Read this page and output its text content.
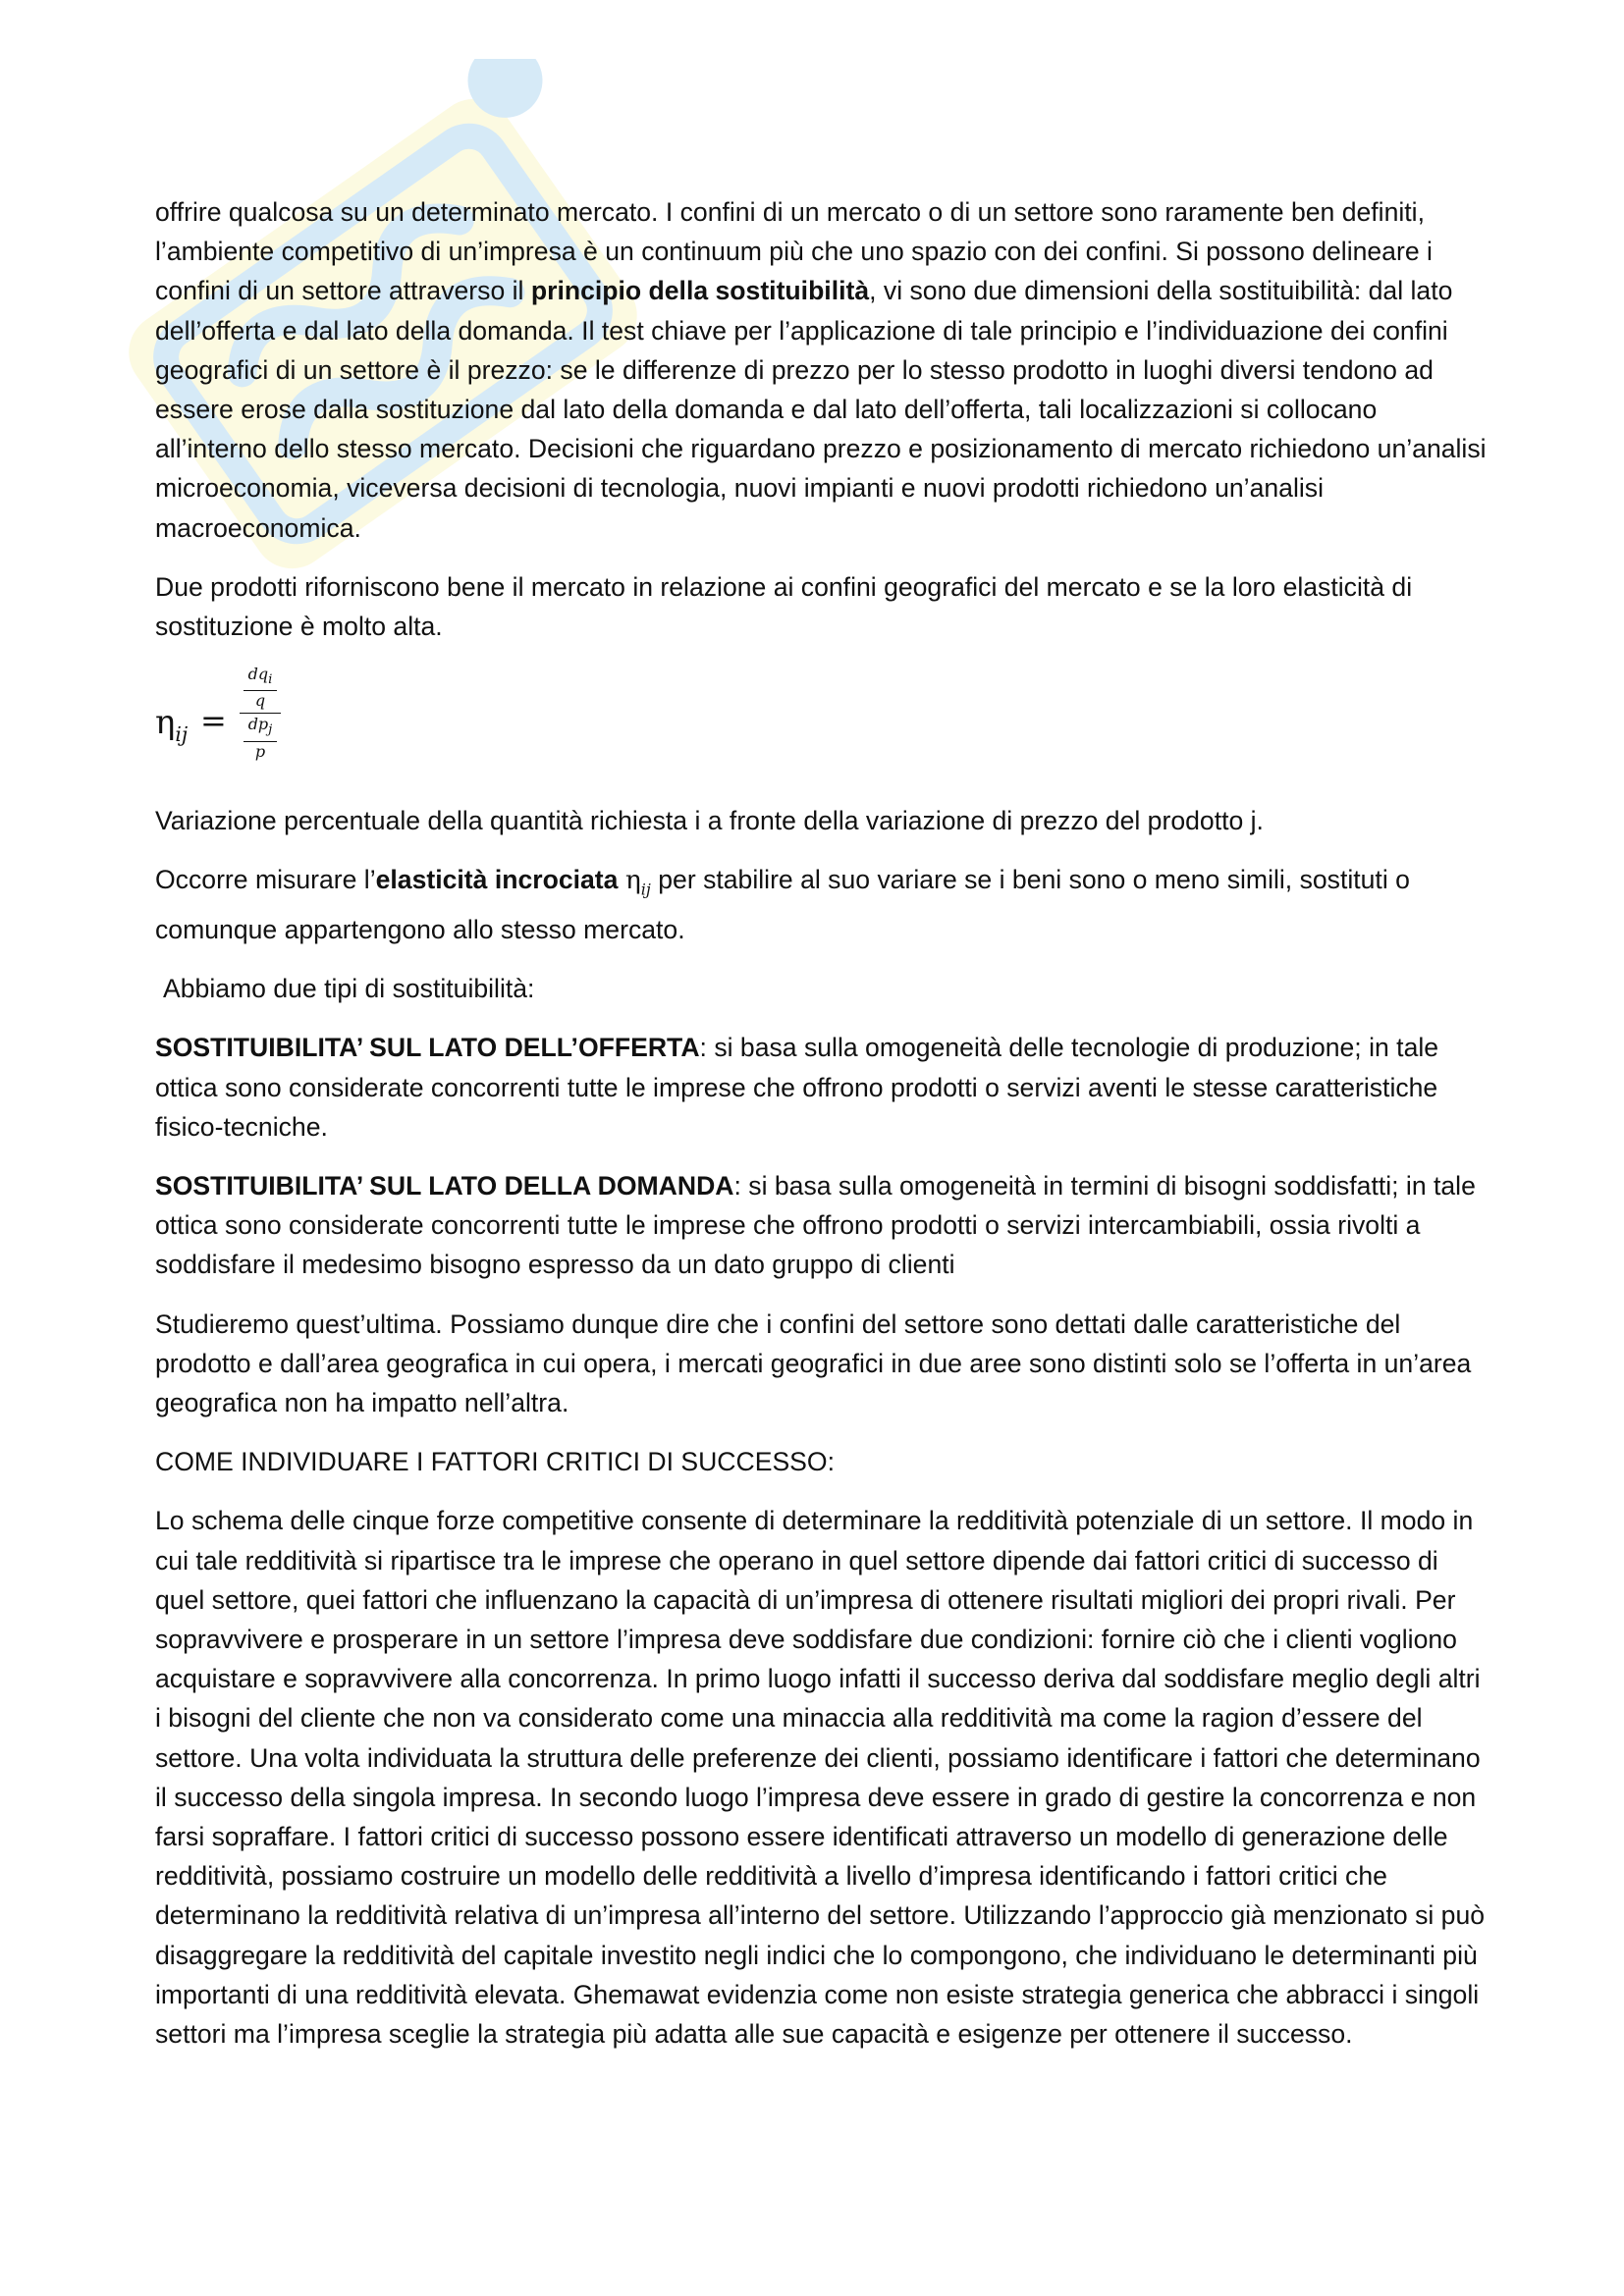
offrire qualcosa su un determinato mercato. I confini di un mercato o di un settore sono raramente ben definiti, l’ambiente competitivo di un’impresa è un continuum più che uno spazio con dei confini. Si possono delineare i confini di un settore attraverso il principio della sostituibilità, vi sono due dimensioni della sostituibilità: dal lato dell’offerta e dal lato della domanda. Il test chiave per l’applicazione di tale principio e l’individuazione dei confini geografici di un settore è il prezzo: se le differenze di prezzo per lo stesso prodotto in luoghi diversi tendono ad essere erose dalla sostituzione dal lato della domanda e dal lato dell’offerta, tali localizzazioni si collocano all’interno dello stesso mercato. Decisioni che riguardano prezzo e posizionamento di mercato richiedono un’analisi microeconomia, viceversa decisioni di tecnologia, nuovi impianti e nuovi prodotti richiedono un’analisi macroeconomica.

Due prodotti riforniscono bene il mercato in relazione ai confini geografici del mercato e se la loro elasticità di sostituzione è molto alta.

$\eta_{ij}$ =
$dq_i$
q
$dp_j$
p

Variazione percentuale della quantità richiesta i a fronte della variazione di prezzo del prodotto j.

Occorre misurare l’elasticità incrociata $\eta_{ij}$ per stabilire al suo variare se i beni sono o meno simili, sostituti o comunque appartengono allo stesso mercato.

Abbiamo due tipi di sostituibilità:

SOSTITUIBILITA’ SUL LATO DELL’OFFERTA: si basa sulla omogeneità delle tecnologie di produzione; in tale ottica sono considerate concorrenti tutte le imprese che offrono prodotti o servizi aventi le stesse caratteristiche fisico-tecniche.

SOSTITUIBILITA’ SUL LATO DELLA DOMANDA: si basa sulla omogeneità in termini di bisogni soddisfatti; in tale ottica sono considerate concorrenti tutte le imprese che offrono prodotti o servizi intercambiabili, ossia rivolti a soddisfare il medesimo bisogno espresso da un dato gruppo di clienti

Studieremo quest’ultima. Possiamo dunque dire che i confini del settore sono dettati dalle caratteristiche del prodotto e dall’area geografica in cui opera, i mercati geografici in due aree sono distinti solo se l’offerta in un’area geografica non ha impatto nell’altra.

COME INDIVIDUARE I FATTORI CRITICI DI SUCCESSO:

Lo schema delle cinque forze competitive consente di determinare la redditività potenziale di un settore. Il modo in cui tale redditività si ripartisce tra le imprese che operano in quel settore dipende dai fattori critici di successo di quel settore, quei fattori che influenzano la capacità di un’impresa di ottenere risultati migliori dei propri rivali. Per sopravvivere e prosperare in un settore l’impresa deve soddisfare due condizioni: fornire ciò che i clienti vogliono acquistare e sopravvivere alla concorrenza. In primo luogo infatti il successo deriva dal soddisfare meglio degli altri i bisogni del cliente che non va considerato come una minaccia alla redditività ma come la ragion d’essere del settore. Una volta individuata la struttura delle preferenze dei clienti, possiamo identificare i fattori che determinano il successo della singola impresa. In secondo luogo l’impresa deve essere in grado di gestire la concorrenza e non farsi sopraffare. I fattori critici di successo possono essere identificati attraverso un modello di generazione delle redditività, possiamo costruire un modello delle redditività a livello d’impresa identificando i fattori critici che determinano la redditività relativa di un’impresa all’interno del settore. Utilizzando l’approccio già menzionato si può disaggregare la redditività del capitale investito negli indici che lo compongono, che individuano le determinanti più importanti di una redditività elevata. Ghemawat evidenzia come non esiste strategia generica che abbracci i singoli settori ma l’impresa sceglie la strategia più adatta alle sue capacità e esigenze per ottenere il successo.
